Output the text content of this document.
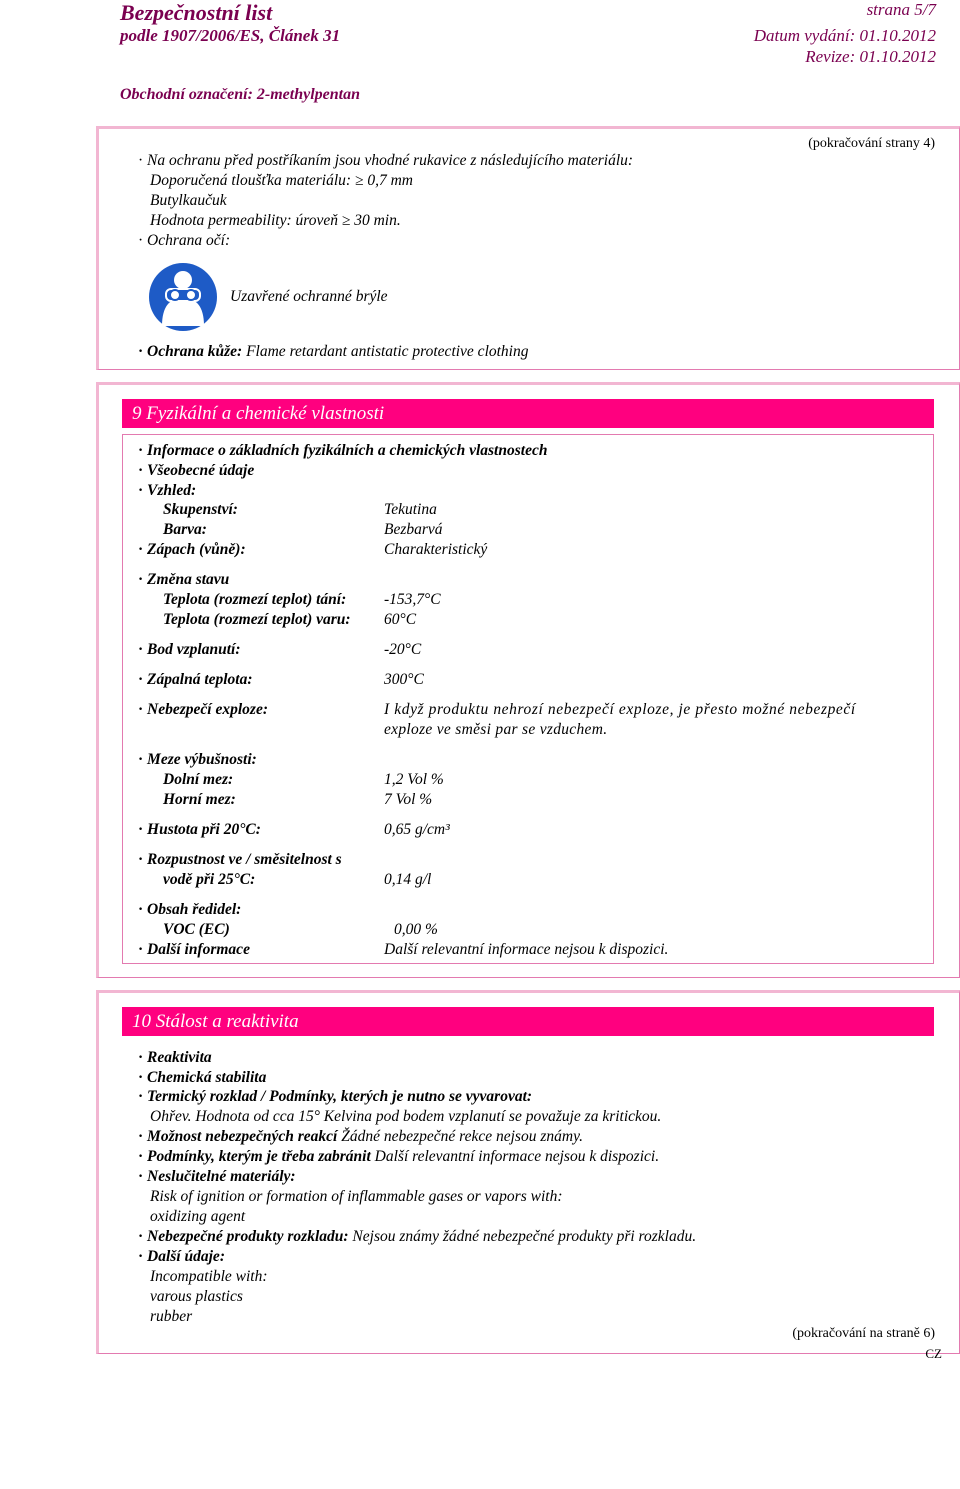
Bezpečnostní list
podle 1907/2006/ES, Článek 31
strana 5/7
Datum vydání: 01.10.2012
Revize: 01.10.2012
Obchodní označení: 2-methylpentan
(pokračování strany 4)
· Na ochranu před postříkaním jsou vhodné rukavice z následujícího materiálu:
Doporučená tloušťka materiálu: ≥ 0,7 mm
Butylkaučuk
Hodnota permeability: úroveň ≥ 30 min.
· Ochrana očí:
Uzavřené ochranné brýle
· Ochrana kůže: Flame retardant antistatic protective clothing
9 Fyzikální a chemické vlastnosti
· Informace o základních fyzikálních a chemických vlastnostech
· Všeobecné údaje
· Vzhled:
Skupenství:	Tekutina
Barva:	Bezbarvá
· Zápach (vůně):	Charakteristický
· Změna stavu
Teplota (rozmezí teplot) tání: -153,7°C
Teplota (rozmezí teplot) varu: 60°C
· Bod vzplanutí:	-20°C
· Zápalná teplota:	300°C
· Nebezpečí exploze:	I když produktu nehrozí nebezpečí exploze, je přesto možné nebezpečí
exploze ve směsi par se vzduchem.
· Meze výbušnosti:
Dolní mez:	1,2 Vol %
Horní mez:	7 Vol %
· Hustota při 20°C:	0,65 g/cm³
· Rozpustnost ve / směsitelnost s
vodě při 25°C:	0,14 g/l
· Obsah ředidel:
VOC (EC)	0,00 %
· Další informace	Další relevantní informace nejsou k dispozici.
10 Stálost a reaktivita
· Reaktivita
· Chemická stabilita
· Termický rozklad / Podmínky, kterých je nutno se vyvarovat:
Ohřev. Hodnota od cca 15° Kelvina pod bodem vzplanutí se považuje za kritickou.
· Možnost nebezpečných reakcí Žádné nebezpečné rekce nejsou známy.
· Podmínky, kterým je třeba zabránit Další relevantní informace nejsou k dispozici.
· Neslučitelné materiály:
Risk of ignition or formation of inflammable gases or vapors with:
oxidizing agent
· Nebezpečné produkty rozkladu: Nejsou známy žádné nebezpečné produkty při rozkladu.
· Další údaje:
Incompatible with:
varous plastics
rubber
(pokračování na straně 6)
CZ
